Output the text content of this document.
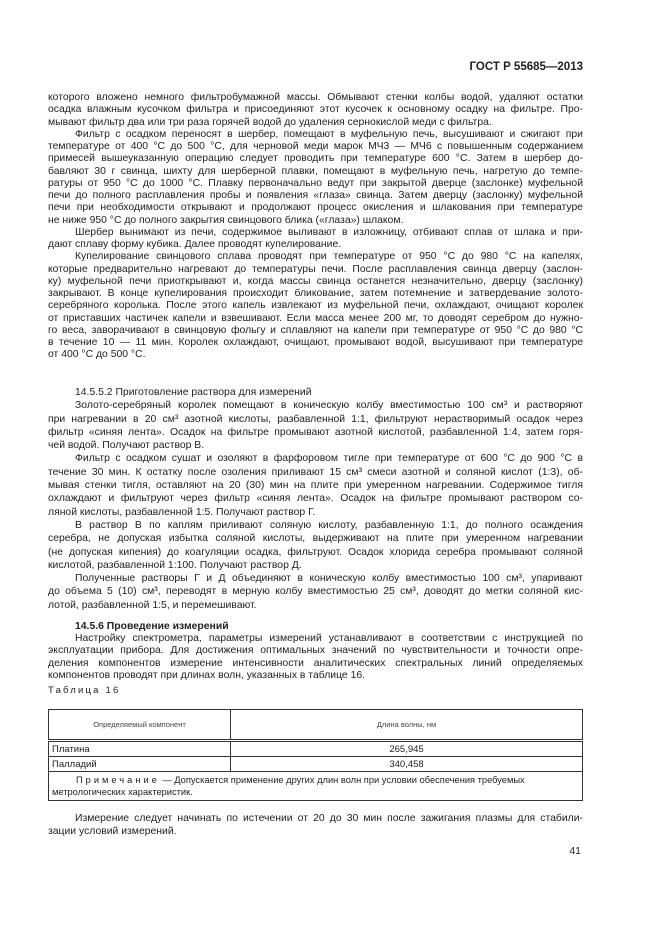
ГОСТ Р 55685—2013
которого вложено немного фильтробумажной массы. Обмывают стенки колбы водой, удаляют остатки
осадка влажным кусочком фильтра и присоединяют этот кусочек к основному осадку на фильтре. Про-
мывают фильтр два или три раза горячей водой до удаления сернокислой меди с фильтра.
Фильтр с осадком переносят в шербер, помещают в муфельную печь, высушивают и сжигают при
температуре от 400 °С до 500 °С, для черновой меди марок МЧ3 — МЧ6 с повышенным содержанием
примесей вышеуказанную операцию следует проводить при температуре 600 °С. Затем в шербер до-
бавляют 30 г свинца, шихту для шерберной плавки, помещают в муфельную печь, нагретую до темпе-
ратуры от 950 °С до 1000 °С. Плавку первоначально ведут при закрытой дверце (заслонке) муфельной
печи до полного расплавления пробы и появления «глаза» свинца. Затем дверцу (заслонку) муфельной
печи при необходимости открывают и продолжают процесс окисления и шлакования при температуре
не ниже 950 °С до полного закрытия свинцового блика («глаза») шлаком.
Шербер вынимают из печи, содержимое выливают в изложницу, отбивают сплав от шлака и при-
дают сплаву форму кубика. Далее проводят купелирование.
Купелирование свинцового сплава проводят при температуре от 950 °С до 980 °С на капелях,
которые предварительно нагревают до температуры печи. После расплавления свинца дверцу (заслон-
ку) муфельной печи приоткрывают и, когда массы свинца останется незначительно, дверцу (заслонку)
закрывают. В конце купелирования происходит бликование, затем потемнение и затвердевание золото-
серебряного королька. После этого капель извлекают из муфельной печи, охлаждают, очищают королек
от приставших частичек капели и взвешивают. Если масса менее 200 мг, то доводят серебром до нужно-
го веса, заворачивают в свинцовую фольгу и сплавляют на капели при температуре от 950 °С до 980 °С
в течение 10 — 11 мин. Королек охлаждают, очищают, промывают водой, высушивают при температуре
от 400 °С до 500 °С.
14.5.5.2 Приготовление раствора для измерений
Золото-серебряный королек помещают в коническую колбу вместимостью 100 см³ и растворяют
при нагревании в 20 см³ азотной кислоты, разбавленной 1:1, фильтруют нерастворимый осадок через
фильтр «синяя лента». Осадок на фильтре промывают азотной кислотой, разбавленной 1:4, затем горя-
чей водой. Получают раствор В.
Фильтр с осадком сушат и озоляют в фарфоровом тигле при температуре от 600 °С до 900 °С в
течение 30 мин. К остатку после озоления приливают 15 см³ смеси азотной и соляной кислот (1:3), об-
мывая стенки тигля, оставляют на 20 (30) мин на плите при умеренном нагревании. Содержимое тигля
охлаждают и фильтруют через фильтр «синяя лента». Осадок на фильтре промывают раствором со-
ляной кислоты, разбавленной 1:5. Получают раствор Г.
В раствор В по каплям приливают соляную кислоту, разбавленную 1:1, до полного осаждения
серебра, не допуская избытка соляной кислоты, выдерживают на плите при умеренном нагревании
(не допуская кипения) до коагуляции осадка, фильтруют. Осадок хлорида серебра промывают соляной
кислотой, разбавленной 1:100. Получают раствор Д.
Полученные растворы Г и Д объединяют в коническую колбу вместимостью 100 см³, упаривают
до объема 5 (10) см³, переводят в мерную колбу вместимостью 25 см³, доводят до метки соляной кис-
лотой, разбавленной 1:5, и перемешивают.
14.5.6 Проведение измерений
Настройку спектрометра, параметры измерений устанавливают в соответствии с инструкцией по
эксплуатации прибора. Для достижения оптимальных значений по чувствительности и точности опре-
деления компонентов измерение интенсивности аналитических спектральных линий определяемых
компонентов проводят при длинах волн, указанных в таблице 16.
Таблица 16
Определяемый компонент	Длина волны, нм
Платина	265,945
Палладий	340,458
Примечание — Допускается применение других длин волн при условии обеспечения требуемых метрологических характеристик.	
Измерение следует начинать по истечении от 20 до 30 мин после зажигания плазмы для стабили-
зации условий измерений.
41
